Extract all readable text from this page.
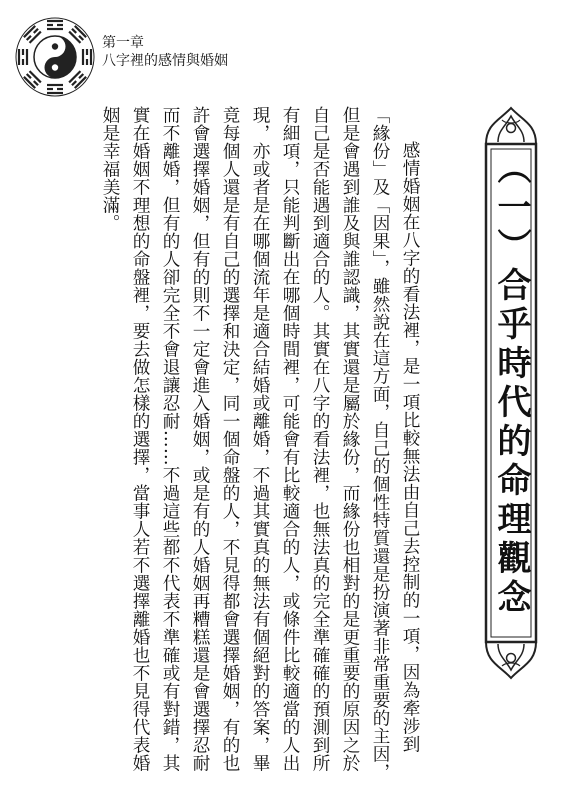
第一章
八字裡的感情與婚姻
（一）合乎時代的命理觀念

感情婚姻在八字的看法裡，是一項比較無法由自己去控制的一項，因為牽涉到「緣份」及「因果」，雖然說在這方面，自己的個性特質還是扮演著非常重要的主因，但是會遇到誰及與誰認識，其實還是屬於緣份，而緣份也相對的是更重要的原因之於自己是否能遇到適合的人。其實在八字的看法裡，也無法真的完全準確確的預測到所有細項，只能判斷出在哪個時間裡，可能會有比較適合的人，或條件比較適當的人出現，亦或者是在哪個流年是適合結婚或離婚，不過其實真的無法有個絕對的答案，畢竟每個人還是有自己的選擇和決定，同一個命盤的人，不見得都會選擇婚姻，有的也許會選擇婚姻，但有的則不一定會進入婚姻，或是有的人婚姻再糟糕還是會選擇忍耐而不離婚，但有的人卻完全不會退讓忍耐……不過這些都不代表不準確或有對錯，其實在婚姻不理想的命盤裡，要去做怎樣的選擇，當事人若不選擇離婚也不見得代表婚姻是幸福美滿。
